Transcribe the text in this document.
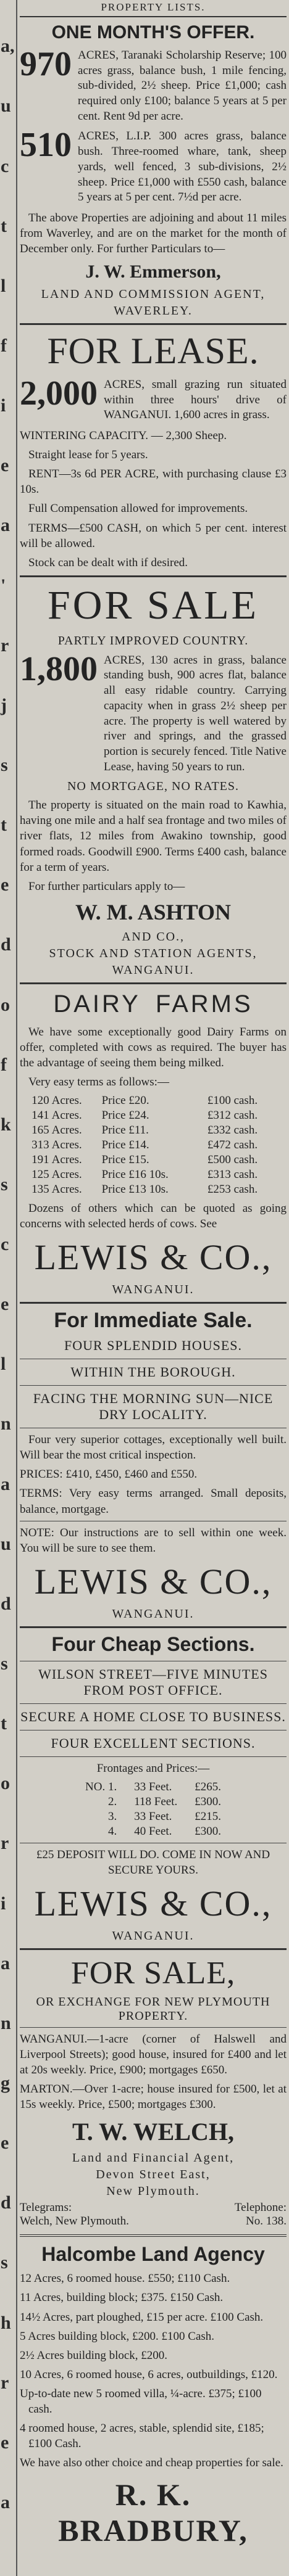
a,
u
c
t
l
f
i
e
a
'
r
j
s
t
e
d
o
f
k
s
c
e
l
n
a
u
d
s
t
o
r
i
a
n
g
e
d
s
h
r
e
a
PROPERTY LISTS.
ONE MONTH'S OFFER.
970 ACRES, Taranaki Scholarship Reserve; 100 acres grass, balance bush, 1 mile fencing, sub-divided, 2½ sheep. Price £1,000; cash required only £100; balance 5 years at 5 per cent. Rent 9d per acre.
510 ACRES, L.I.P. 300 acres grass, balance bush. Three-roomed whare, tank, sheep yards, well fenced, 3 sub-divisions, 2½ sheep. Price £1,000 with £550 cash, balance 5 years at 5 per cent. 7½d per acre.

The above Properties are adjoining and about 11 miles from Waverley, and are on the market for the month of December only. For further Particulars to—

J. W. Emmerson,
LAND AND COMMISSION AGENT,
WAVERLEY.
FOR LEASE.
2,000 ACRES, small grazing run situated within three hours' drive of WANGANUI. 1,600 acres in grass.

WINTERING CAPACITY. — 2,300 Sheep.

Straight lease for 5 years.

RENT—3s 6d PER ACRE, with purchasing clause £3 10s.

Full Compensation allowed for improvements.

TERMS—£500 CASH, on which 5 per cent. interest will be allowed.

Stock can be dealt with if desired.

FOR SALE
PARTLY IMPROVED COUNTRY.
1,800 ACRES, 130 acres in grass, balance standing bush, 900 acres flat, balance all easy ridable country. Carrying capacity when in grass 2½ sheep per acre. The property is well watered by river and springs, and the grassed portion is securely fenced. Title Native Lease, having 50 years to run.
NO MORTGAGE, NO RATES.

The property is situated on the main road to Kawhia, having one mile and a half sea frontage and two miles of river flats, 12 miles from Awakino township, good formed roads. Goodwill £900. Terms £400 cash, balance for a term of years.

For further particulars apply to—

W. M. ASHTON
AND CO.,
STOCK AND STATION AGENTS,
WANGANUI.
DAIRY FARMS

We have some exceptionally good Dairy Farms on offer, completed with cows as required. The buyer has the advantage of seeing them being milked.

Very easy terms as follows:—

120	Acres.	Price £20.	£100 cash.
141	Acres.	Price £24.	£312 cash.
165	Acres.	Price £11.	£332 cash.
313	Acres.	Price £14.	£472 cash.
191	Acres.	Price £15.	£500 cash.
125	Acres.	Price £16 10s.	£313 cash.
135	Acres.	Price £13 10s.	£253 cash.

Dozens of others which can be quoted as going concerns with selected herds of cows. See

LEWIS & CO.,
WANGANUI.
For Immediate Sale.
FOUR SPLENDID HOUSES.
WITHIN THE BOROUGH.
FACING THE MORNING SUN—NICE DRY LOCALITY.

Four very superior cottages, exceptionally well built. Will bear the most critical inspection.

PRICES: £410, £450, £460 and £550.

TERMS: Very easy terms arranged. Small deposits, balance, mortgage.

NOTE: Our instructions are to sell within one week. You will be sure to see them.

LEWIS & CO.,
WANGANUI.
Four Cheap Sections.
WILSON STREET—FIVE MINUTES FROM POST OFFICE.
SECURE A HOME CLOSE TO BUSINESS.
FOUR EXCELLENT SECTIONS.

Frontages and Prices:—

NO. 1.	33 Feet.	£265.
2.	118 Feet.	£300.
3.	33 Feet.	£215.
4.	40 Feet.	£300.

£25 DEPOSIT WILL DO. COME IN NOW AND SECURE YOURS.

LEWIS & CO.,
WANGANUI.
FOR SALE,
OR EXCHANGE FOR NEW PLYMOUTH PROPERTY.

WANGANUI.—1-acre (corner of Halswell and Liverpool Streets); good house, insured for £400 and let at 20s weekly. Price, £900; mortgages £650.

MARTON.—Over 1-acre; house insured for £500, let at 15s weekly. Price, £500; mortgages £300.

T. W. WELCH,
Land and Financial Agent,
Devon Street East,
New Plymouth.
Telegrams:
Welch, New Plymouth.
Telephone:
No. 138.
Halcombe Land Agency

12 Acres, 6 roomed house. £550; £110 Cash.

11 Acres, building block; £375. £150 Cash.

14½ Acres, part ploughed, £15 per acre. £100 Cash.

5 Acres building block, £200. £100 Cash.

2½ Acres building block, £200.

10 Acres, 6 roomed house, 6 acres, outbuildings, £120.

Up-to-date new 5 roomed villa, ¼-acre. £375; £100 cash.

4 roomed house, 2 acres, stable, splendid site, £185; £100 Cash.

We have also other choice and cheap properties for sale.

R. K. BRADBURY,
